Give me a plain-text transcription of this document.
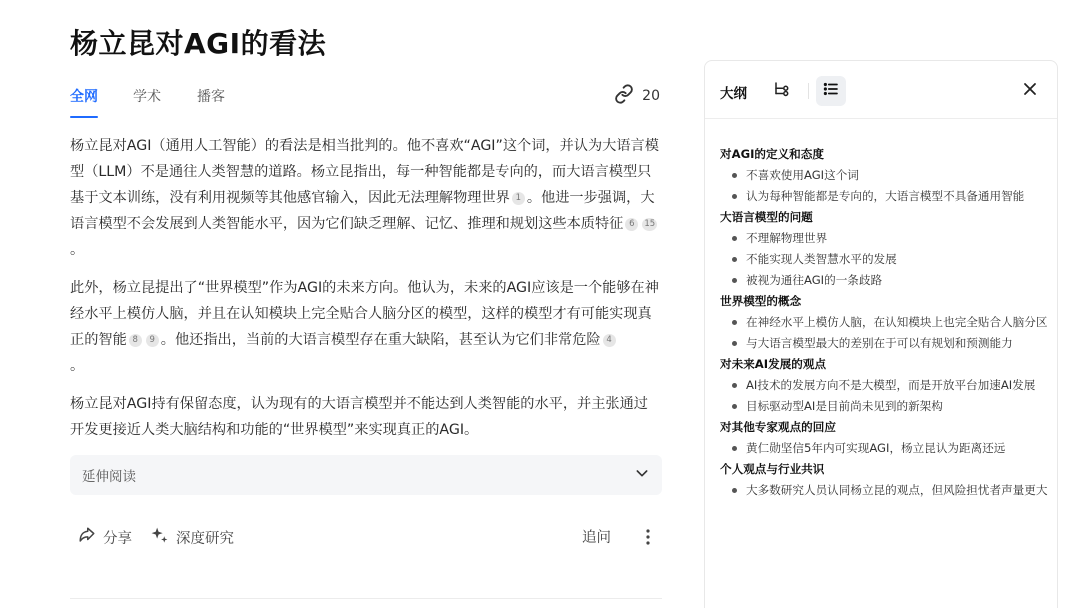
杨立昆对AGI的看法
全网	学术	播客	20

杨立昆对AGI（通用人工智能）的看法是相当批判的。他不喜欢“AGI”这个词，并认为大语言模型（LLM）不是通往人类智慧的道路。杨立昆指出，每一种智能都是专向的，而大语言模型只基于文本训练，没有利用视频等其他感官输入，因此无法理解物理世界 1 。他进一步强调，大语言模型不会发展到人类智能水平，因为它们缺乏理解、记忆、推理和规划这些本质特征 6 15。

此外，杨立昆提出了“世界模型”作为AGI的未来方向。他认为，未来的AGI应该是一个能够在神经水平上模仿人脑，并且在认知模块上完全贴合人脑分区的模型，这样的模型才有可能实现真正的智能 8 9 。他还指出，当前的大语言模型存在重大缺陷，甚至认为它们非常危险 4
。

杨立昆对AGI持有保留态度，认为现有的大语言模型并不能达到人类智能的水平，并主张通过开发更接近人类大脑结构和功能的“世界模型”来实现真正的AGI。

延伸阅读
分享	深度研究	追问
大纲
对AGI的定义和态度
不喜欢使用AGI这个词
认为每种智能都是专向的，大语言模型不具备通用智能
大语言模型的问题
不理解物理世界
不能实现人类智慧水平的发展
被视为通往AGI的一条歧路
世界模型的概念
在神经水平上模仿人脑，在认知模块上也完全贴合人脑分区
与大语言模型最大的差别在于可以有规划和预测能力
对未来AI发展的观点
AI技术的发展方向不是大模型，而是开放平台加速AI发展
目标驱动型AI是目前尚未见到的新架构
对其他专家观点的回应
黄仁勋坚信5年内可实现AGI，杨立昆认为距离还远
个人观点与行业共识
大多数研究人员认同杨立昆的观点，但风险担忧者声量更大
